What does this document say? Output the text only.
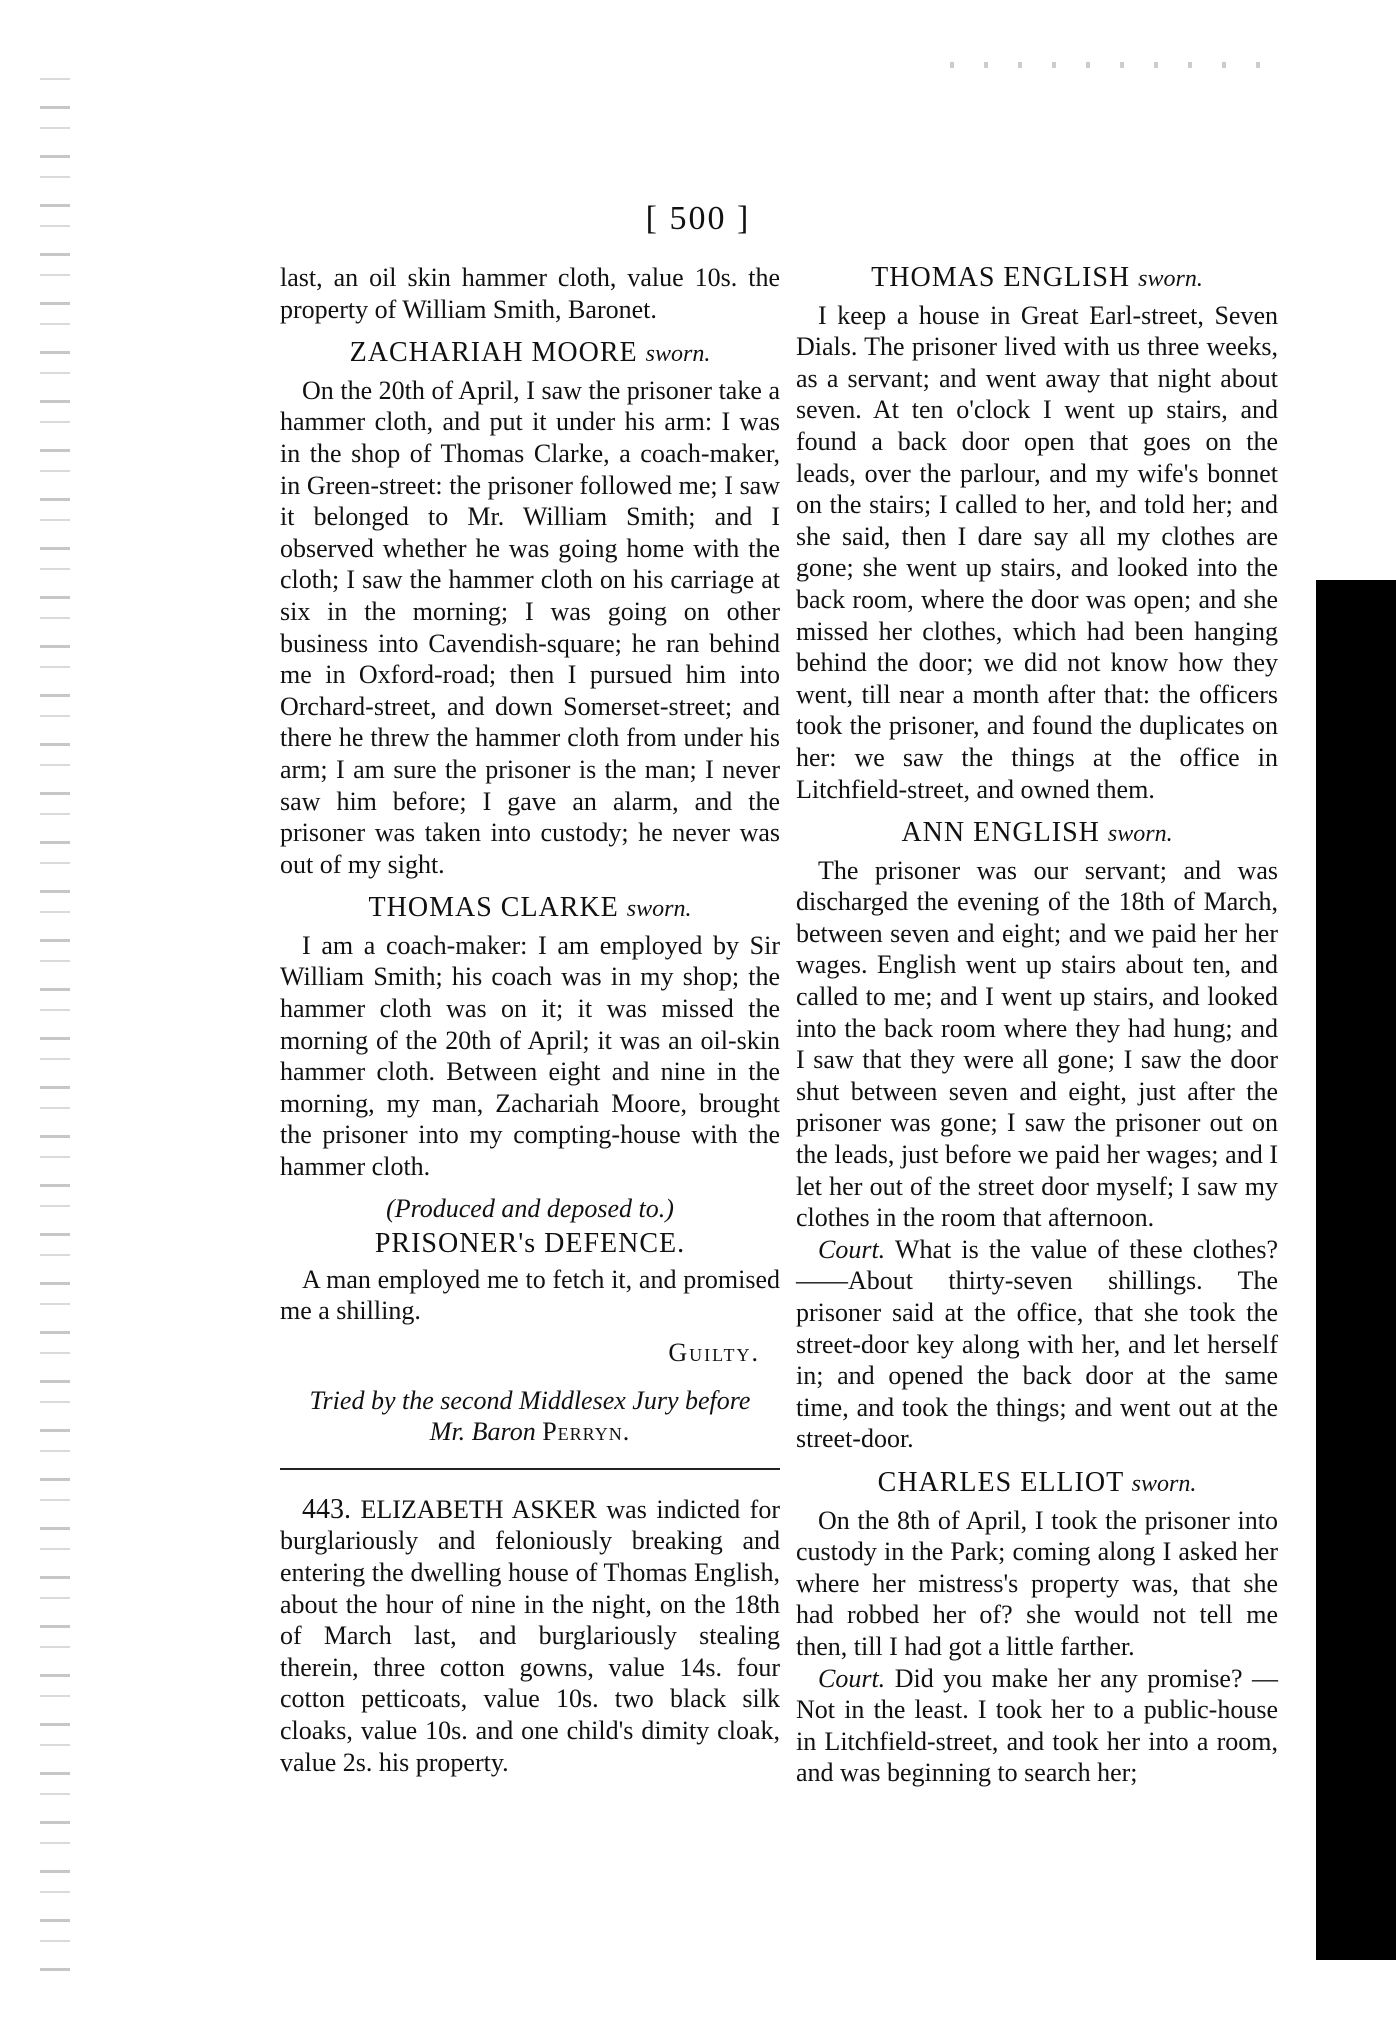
[ 500 ]

last, an oil skin hammer cloth, value 10s. the property of William Smith, Baronet.

ZACHARIAH MOORE sworn.

On the 20th of April, I saw the prisoner take a hammer cloth, and put it under his arm: I was in the shop of Thomas Clarke, a coach-maker, in Green-street: the prisoner followed me; I saw it belonged to Mr. William Smith; and I observed whether he was going home with the cloth; I saw the hammer cloth on his carriage at six in the morning; I was going on other business into Cavendish-square; he ran behind me in Oxford-road; then I pursued him into Orchard-street, and down Somerset-street; and there he threw the hammer cloth from under his arm; I am sure the prisoner is the man; I never saw him before; I gave an alarm, and the prisoner was taken into custody; he never was out of my sight.

THOMAS CLARKE sworn.

I am a coach-maker: I am employed by Sir William Smith; his coach was in my shop; the hammer cloth was on it; it was missed the morning of the 20th of April; it was an oil-skin hammer cloth. Between eight and nine in the morning, my man, Zachariah Moore, brought the prisoner into my compting-house with the hammer cloth.

(Produced and deposed to.)

PRISONER's DEFENCE.

A man employed me to fetch it, and promised me a shilling.

Guilty.
Tried by the second Middlesex Jury before
Mr. Baron Perryn.

443. ELIZABETH ASKER was indicted for burglariously and feloniously breaking and entering the dwelling house of Thomas English, about the hour of nine in the night, on the 18th of March last, and burglariously stealing therein, three cotton gowns, value 14s. four cotton petticoats, value 10s. two black silk cloaks, value 10s. and one child's dimity cloak, value 2s. his property.

THOMAS ENGLISH sworn.

I keep a house in Great Earl-street, Seven Dials. The prisoner lived with us three weeks, as a servant; and went away that night about seven. At ten o'clock I went up stairs, and found a back door open that goes on the leads, over the parlour, and my wife's bonnet on the stairs; I called to her, and told her; and she said, then I dare say all my clothes are gone; she went up stairs, and looked into the back room, where the door was open; and she missed her clothes, which had been hanging behind the door; we did not know how they went, till near a month after that: the officers took the prisoner, and found the duplicates on her: we saw the things at the office in Litchfield-street, and owned them.

ANN ENGLISH sworn.

The prisoner was our servant; and was discharged the evening of the 18th of March, between seven and eight; and we paid her her wages. English went up stairs about ten, and called to me; and I went up stairs, and looked into the back room where they had hung; and I saw that they were all gone; I saw the door shut between seven and eight, just after the prisoner was gone; I saw the prisoner out on the leads, just before we paid her wages; and I let her out of the street door myself; I saw my clothes in the room that afternoon.

Court. What is the value of these clothes?——About thirty-seven shillings. The prisoner said at the office, that she took the street-door key along with her, and let herself in; and opened the back door at the same time, and took the things; and went out at the street-door.

CHARLES ELLIOT sworn.

On the 8th of April, I took the prisoner into custody in the Park; coming along I asked her where her mistress's property was, that she had robbed her of? she would not tell me then, till I had got a little farther.

Court. Did you make her any promise? —Not in the least. I took her to a public-house in Litchfield-street, and took her into a room, and was beginning to search her;
